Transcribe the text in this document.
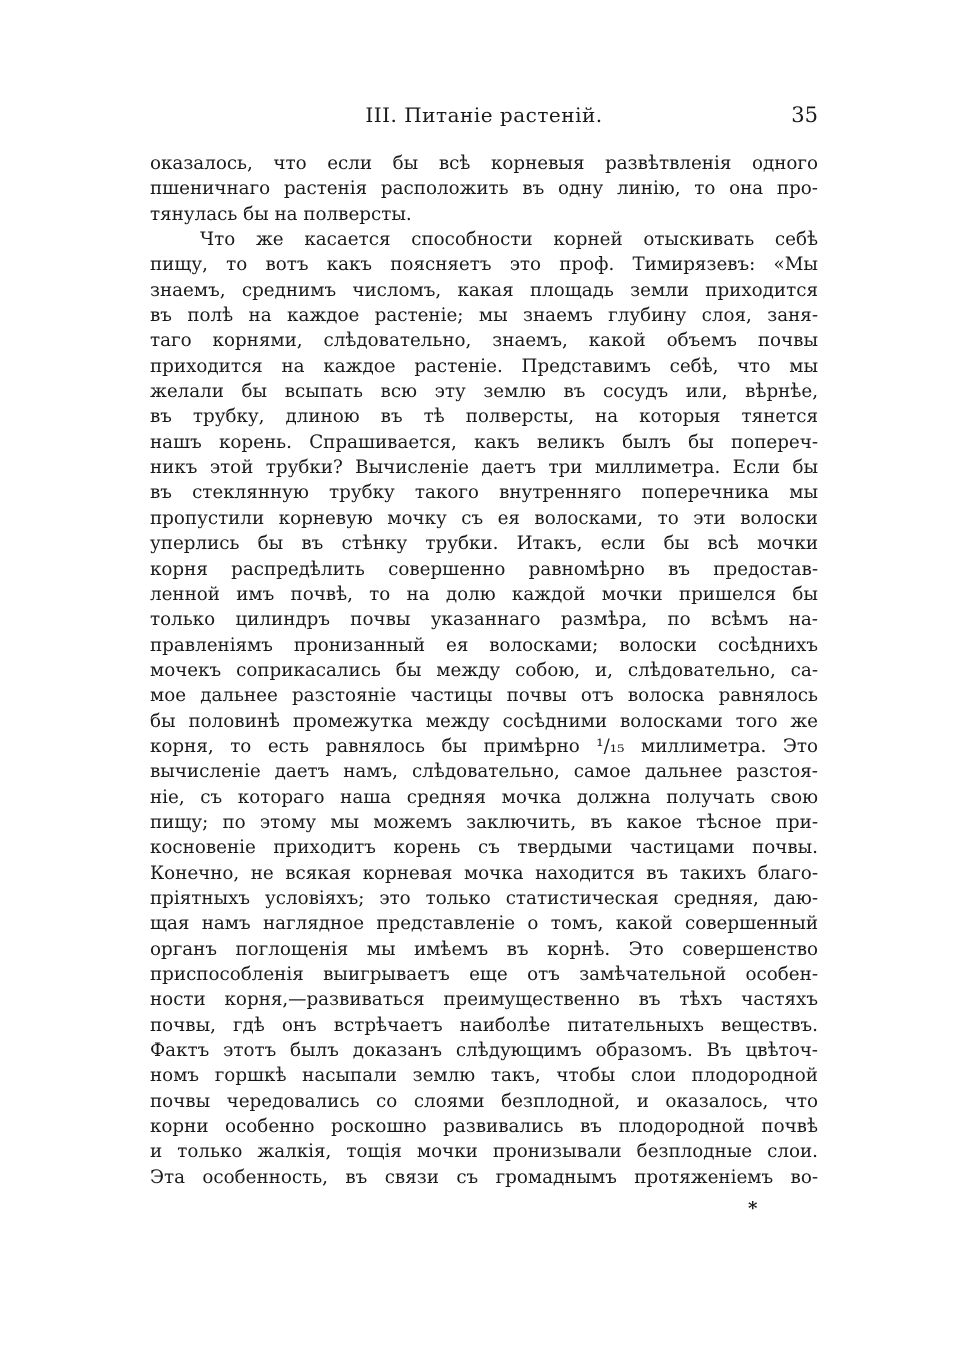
III. Питаніе растеній.	35
оказалось, что если бы всѣ корневыя развѣтвленія одного
пшеничнаго растенія расположить въ одну линію, то она про-
тянулась бы на полверсты.
Что же касается способности корней отыскивать себѣ
пищу, то вотъ какъ поясняетъ это проф. Тимирязевъ: «Мы
знаемъ, среднимъ числомъ, какая площадь земли приходится
въ полѣ на каждое растеніе; мы знаемъ глубину слоя, заня-
таго корнями, слѣдовательно, знаемъ, какой объемъ почвы
приходится на каждое растеніе. Представимъ себѣ, что мы
желали бы всыпать всю эту землю въ сосудъ или, вѣрнѣе,
въ трубку, длиною въ тѣ полверсты, на которыя тянется
нашъ корень. Спрашивается, какъ великъ былъ бы попереч-
никъ этой трубки? Вычисленіе даетъ три миллиметра. Если бы
въ стеклянную трубку такого внутренняго поперечника мы
пропустили корневую мочку съ ея волосками, то эти волоски
уперлись бы въ стѣнку трубки. Итакъ, если бы всѣ мочки
корня распредѣлить совершенно равномѣрно въ предостав-
ленной имъ почвѣ, то на долю каждой мочки пришелся бы
только цилиндръ почвы указаннаго размѣра, по всѣмъ на-
правленіямъ пронизанный ея волосками; волоски сосѣднихъ
мочекъ соприкасались бы между собою, и, слѣдовательно, са-
мое дальнее разстояніе частицы почвы отъ волоска равнялось
бы половинѣ промежутка между сосѣдними волосками того же
корня, то есть равнялось бы примѣрно ¹/₁₅ миллиметра. Это
вычисленіе даетъ намъ, слѣдовательно, самое дальнее разстоя-
ніе, съ котораго наша средняя мочка должна получать свою
пищу; по этому мы можемъ заключить, въ какое тѣсное при-
косновеніе приходитъ корень съ твердыми частицами почвы.
Конечно, не всякая корневая мочка находится въ такихъ благо-
пріятныхъ условіяхъ; это только статистическая средняя, даю-
щая намъ наглядное представленіе о томъ, какой совершенный
органъ поглощенія мы имѣемъ въ корнѣ. Это совершенство
приспособленія выигрываетъ еще отъ замѣчательной особен-
ности корня,—развиваться преимущественно въ тѣхъ частяхъ
почвы, гдѣ онъ встрѣчаетъ наиболѣе питательныхъ веществъ.
Фактъ этотъ былъ доказанъ слѣдующимъ образомъ. Въ цвѣточ-
номъ горшкѣ насыпали землю такъ, чтобы слои плодородной
почвы чередовались со слоями безплодной, и оказалось, что
корни особенно роскошно развивались въ плодородной почвѣ
и только жалкія, тощія мочки пронизывали безплодные слои.
Эта особенность, въ связи съ громаднымъ протяженіемъ во-
*
